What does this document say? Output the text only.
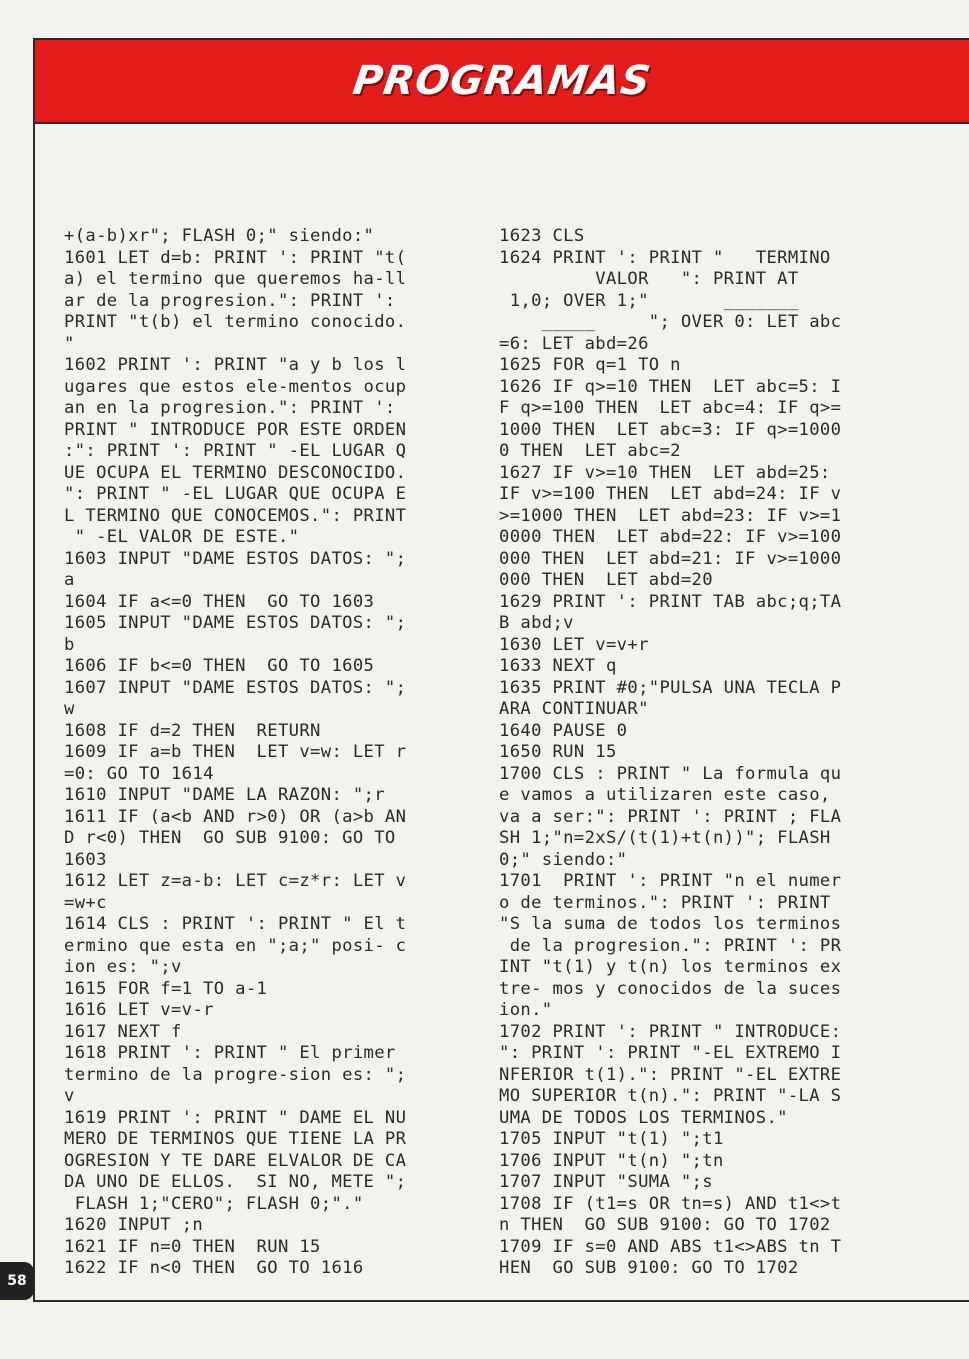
PROGRAMAS
+(a-b)xr"; FLASH 0;" siendo:"
1601 LET d=b: PRINT ': PRINT "t(
a) el termino que queremos ha-ll
ar de la progresion.": PRINT ':
PRINT "t(b) el termino conocido.
"
1602 PRINT ': PRINT "a y b los l
ugares que estos ele-mentos ocup
an en la progresion.": PRINT ':
PRINT " INTRODUCE POR ESTE ORDEN
:": PRINT ': PRINT " -EL LUGAR Q
UE OCUPA EL TERMINO DESCONOCIDO.
": PRINT " -EL LUGAR QUE OCUPA E
L TERMINO QUE CONOCEMOS.": PRINT
" -EL VALOR DE ESTE."
1603 INPUT "DAME ESTOS DATOS: ";
a
1604 IF a<=0 THEN  GO TO 1603
1605 INPUT "DAME ESTOS DATOS: ";
b
1606 IF b<=0 THEN  GO TO 1605
1607 INPUT "DAME ESTOS DATOS: ";
w
1608 IF d=2 THEN  RETURN
1609 IF a=b THEN  LET v=w: LET r
=0: GO TO 1614
1610 INPUT "DAME LA RAZON: ";r
1611 IF (a<b AND r>0) OR (a>b AN
D r<0) THEN  GO SUB 9100: GO TO
1603
1612 LET z=a-b: LET c=z*r: LET v
=w+c
1614 CLS : PRINT ': PRINT " El t
ermino que esta en ";a;" posi- c
ion es: ";v
1615 FOR f=1 TO a-1
1616 LET v=v-r
1617 NEXT f
1618 PRINT ': PRINT " El primer
termino de la progre-sion es: ";
v
1619 PRINT ': PRINT " DAME EL NU
MERO DE TERMINOS QUE TIENE LA PR
OGRESION Y TE DARE ELVALOR DE CA
DA UNO DE ELLOS.  SI NO, METE ";
FLASH 1;"CERO"; FLASH 0;"."
1620 INPUT ;n
1621 IF n=0 THEN  RUN 15
1622 IF n<0 THEN  GO TO 1616
1623 CLS
1624 PRINT ': PRINT "   TERMINO
VALOR   ": PRINT AT
1,0; OVER 1;"       _______
_____     "; OVER 0: LET abc
=6: LET abd=26
1625 FOR q=1 TO n
1626 IF q>=10 THEN  LET abc=5: I
F q>=100 THEN  LET abc=4: IF q>=
1000 THEN  LET abc=3: IF q>=1000
0 THEN  LET abc=2
1627 IF v>=10 THEN  LET abd=25:
IF v>=100 THEN  LET abd=24: IF v
>=1000 THEN  LET abd=23: IF v>=1
0000 THEN  LET abd=22: IF v>=100
000 THEN  LET abd=21: IF v>=1000
000 THEN  LET abd=20
1629 PRINT ': PRINT TAB abc;q;TA
B abd;v
1630 LET v=v+r
1633 NEXT q
1635 PRINT #0;"PULSA UNA TECLA P
ARA CONTINUAR"
1640 PAUSE 0
1650 RUN 15
1700 CLS : PRINT " La formula qu
e vamos a utilizaren este caso,
va a ser:": PRINT ': PRINT ; FLA
SH 1;"n=2xS/(t(1)+t(n))"; FLASH
0;" siendo:"
1701  PRINT ': PRINT "n el numer
o de terminos.": PRINT ': PRINT
"S la suma de todos los terminos
de la progresion.": PRINT ': PR
INT "t(1) y t(n) los terminos ex
tre- mos y conocidos de la suces
ion."
1702 PRINT ': PRINT " INTRODUCE:
": PRINT ': PRINT "-EL EXTREMO I
NFERIOR t(1).": PRINT "-EL EXTRE
MO SUPERIOR t(n).": PRINT "-LA S
UMA DE TODOS LOS TERMINOS."
1705 INPUT "t(1) ";t1
1706 INPUT "t(n) ";tn
1707 INPUT "SUMA ";s
1708 IF (t1=s OR tn=s) AND t1<>t
n THEN  GO SUB 9100: GO TO 1702
1709 IF s=0 AND ABS t1<>ABS tn T
HEN  GO SUB 9100: GO TO 1702
58
